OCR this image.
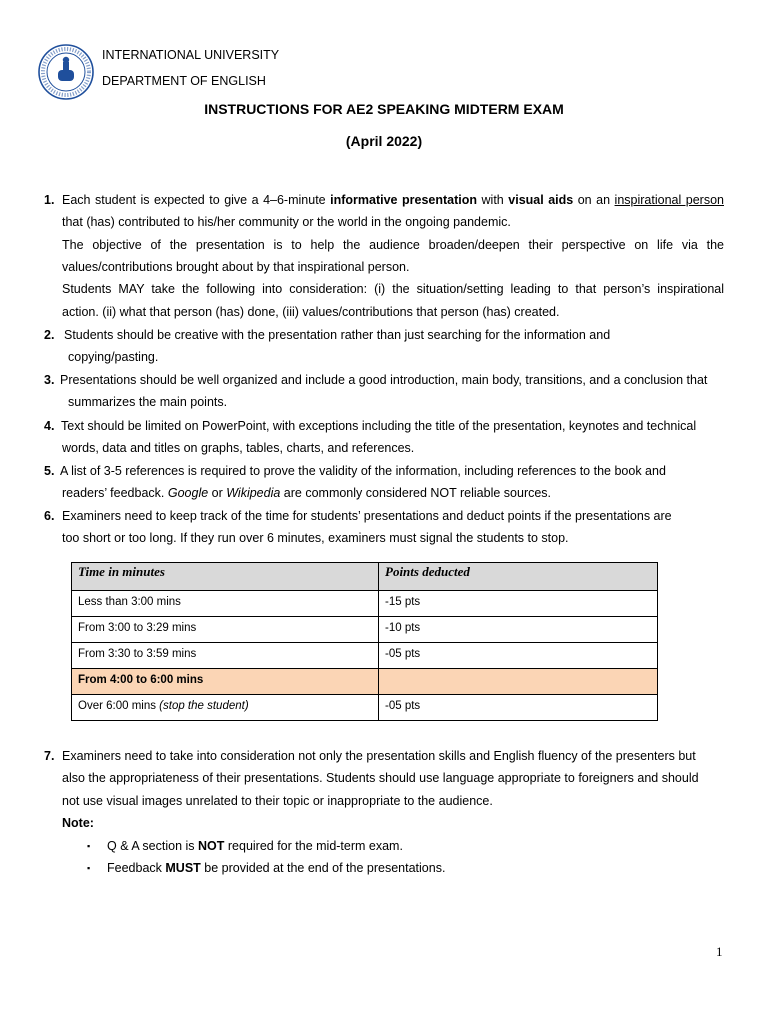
INTERNATIONAL UNIVERSITY
DEPARTMENT OF ENGLISH
INSTRUCTIONS FOR AE2 SPEAKING MIDTERM EXAM
(April 2022)
1. Each student is expected to give a 4–6-minute informative presentation with visual aids on an inspirational person
that (has) contributed to his/her community or the world in the ongoing pandemic.
The objective of the presentation is to help the audience broaden/deepen their perspective on life via the
values/contributions brought about by that inspirational person.
Students MAY take the following into consideration: (i) the situation/setting leading to that person’s inspirational
action. (ii) what that person (has) done, (iii) values/contributions that person (has) created.
2. Students should be creative with the presentation rather than just searching for the information and
copying/pasting.
3. Presentations should be well organized and include a good introduction, main body, transitions, and a conclusion that
summarizes the main points.
4. Text should be limited on PowerPoint, with exceptions including the title of the presentation, keynotes and technical
words, data and titles on graphs, tables, charts, and references.
5. A list of 3-5 references is required to prove the validity of the information, including references to the book and
readers’ feedback. Google or Wikipedia are commonly considered NOT reliable sources.
6. Examiners need to keep track of the time for students’ presentations and deduct points if the presentations are
too short or too long. If they run over 6 minutes, examiners must signal the students to stop.
Time in minutes	Points deducted
Less than 3:00 mins	-15 pts
From 3:00 to 3:29 mins	-10 pts
From 3:30 to 3:59 mins	-05 pts
From 4:00 to 6:00 mins	
Over 6:00 mins (stop the student)	-05 pts
7. Examiners need to take into consideration not only the presentation skills and English fluency of the presenters but
also the appropriateness of their presentations. Students should use language appropriate to foreigners and should
not use visual images unrelated to their topic or inappropriate to the audience.
Note:
▪ Q & A section is NOT required for the mid-term exam.
▪ Feedback MUST be provided at the end of the presentations.
1
